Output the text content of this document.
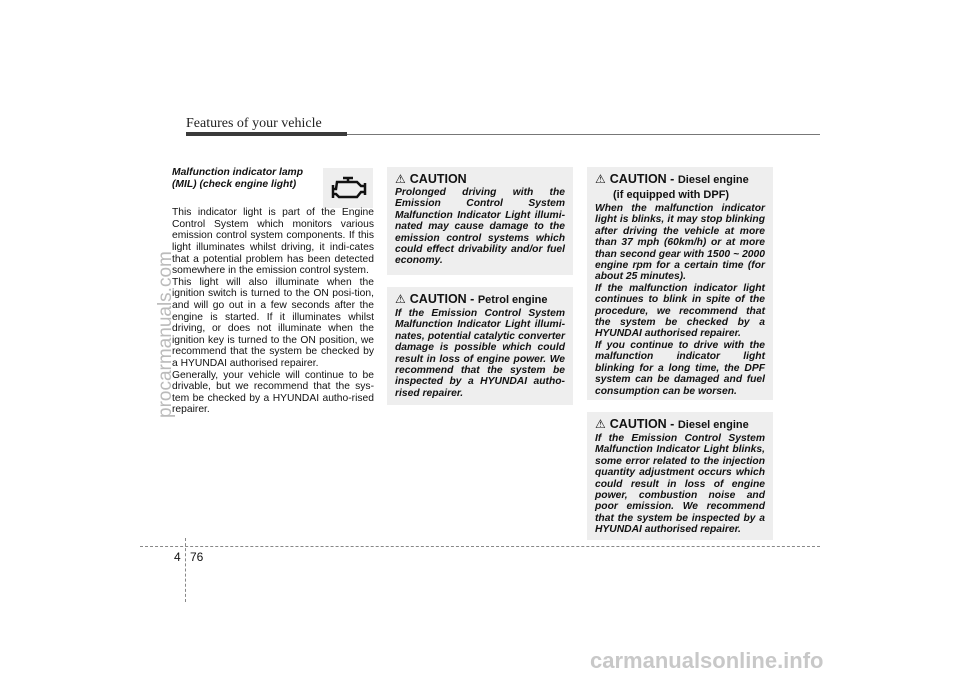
Features of your vehicle
Malfunction indicator lamp (MIL) (check engine light)

This indicator light is part of the Engine Control System which monitors various emission control system components. If this light illuminates whilst driving, it indi-cates that a potential problem has been detected somewhere in the emission control system.

This light will also illuminate when the ignition switch is turned to the ON posi-tion, and will go out in a few seconds after the engine is started. If it illuminates whilst driving, or does not illuminate when the ignition key is turned to the ON position, we recommend that the system be checked by a HYUNDAI authorised repairer.

Generally, your vehicle will continue to be drivable, but we recommend that the sys-tem be checked by a HYUNDAI autho-rised repairer.

⚠ CAUTION

Prolonged driving with the Emission Control System Malfunction Indicator Light illumi-nated may cause damage to the emission control systems which could effect drivability and/or fuel economy.

⚠ CAUTION - Petrol engine

If the Emission Control System Malfunction Indicator Light illumi-nates, potential catalytic converter damage is possible which could result in loss of engine power. We recommend that the system be inspected by a HYUNDAI autho-rised repairer.

⚠ CAUTION - Diesel engine
(if equipped with DPF)

When the malfunction indicator light is blinks, it may stop blinking after driving the vehicle at more than 37 mph (60km/h) or at more than second gear with 1500 ~ 2000 engine rpm for a certain time (for about 25 minutes).

If the malfunction indicator light continues to blink in spite of the procedure, we recommend that the system be checked by a HYUNDAI authorised repairer.

If you continue to drive with the malfunction indicator light blinking for a long time, the DPF system can be damaged and fuel consumption can be worsen.

⚠ CAUTION - Diesel engine

If the Emission Control System Malfunction Indicator Light blinks, some error related to the injection quantity adjustment occurs which could result in loss of engine power, combustion noise and poor emission. We recommend that the system be inspected by a HYUNDAI authorised repairer.

4 76
procarmanuals.com
carmanualsonline.info
